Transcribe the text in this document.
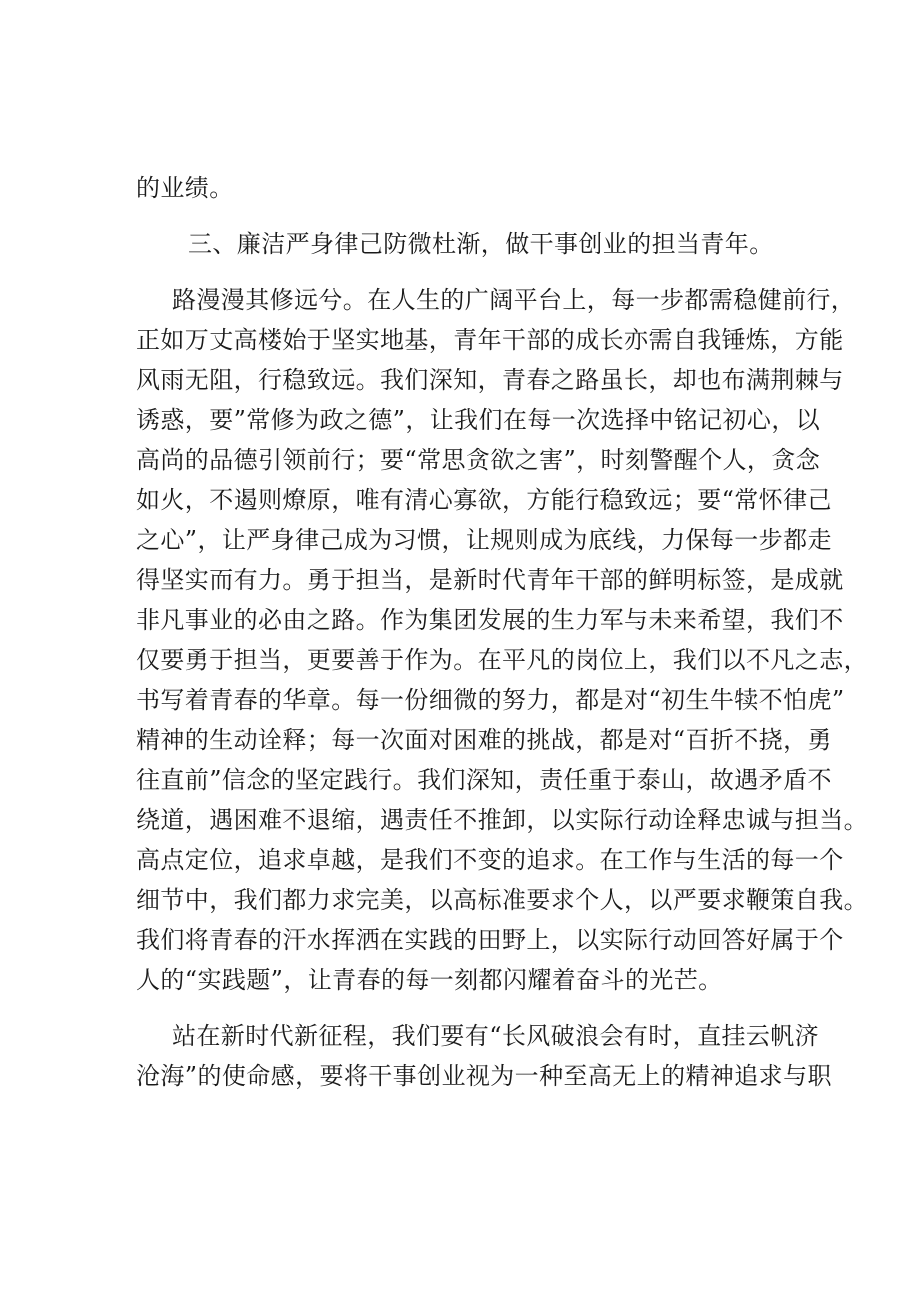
的业绩。
三、廉洁严身律己防微杜渐，做干事创业的担当青年。
路漫漫其修远兮。在人生的广阔平台上，每一步都需稳健前行，
正如万丈高楼始于坚实地基，青年干部的成长亦需自我锤炼，方能
风雨无阻，行稳致远。我们深知，青春之路虽长，却也布满荆棘与
诱惑，要”常修为政之德”，让我们在每一次选择中铭记初心，以
高尚的品德引领前行；要“常思贪欲之害”，时刻警醒个人，贪念
如火，不遏则燎原，唯有清心寡欲，方能行稳致远；要“常怀律己
之心”，让严身律己成为习惯，让规则成为底线，力保每一步都走
得坚实而有力。勇于担当，是新时代青年干部的鲜明标签，是成就
非凡事业的必由之路。作为集团发展的生力军与未来希望，我们不
仅要勇于担当，更要善于作为。在平凡的岗位上，我们以不凡之志，
书写着青春的华章。每一份细微的努力，都是对“初生牛犊不怕虎”
精神的生动诠释；每一次面对困难的挑战，都是对“百折不挠，勇
往直前”信念的坚定践行。我们深知，责任重于泰山，故遇矛盾不
绕道，遇困难不退缩，遇责任不推卸，以实际行动诠释忠诚与担当。
高点定位，追求卓越，是我们不变的追求。在工作与生活的每一个
细节中，我们都力求完美，以高标准要求个人，以严要求鞭策自我。
我们将青春的汗水挥洒在实践的田野上，以实际行动回答好属于个
人的“实践题”，让青春的每一刻都闪耀着奋斗的光芒。
站在新时代新征程，我们要有“长风破浪会有时，直挂云帆济
沧海”的使命感，要将干事创业视为一种至高无上的精神追求与职
